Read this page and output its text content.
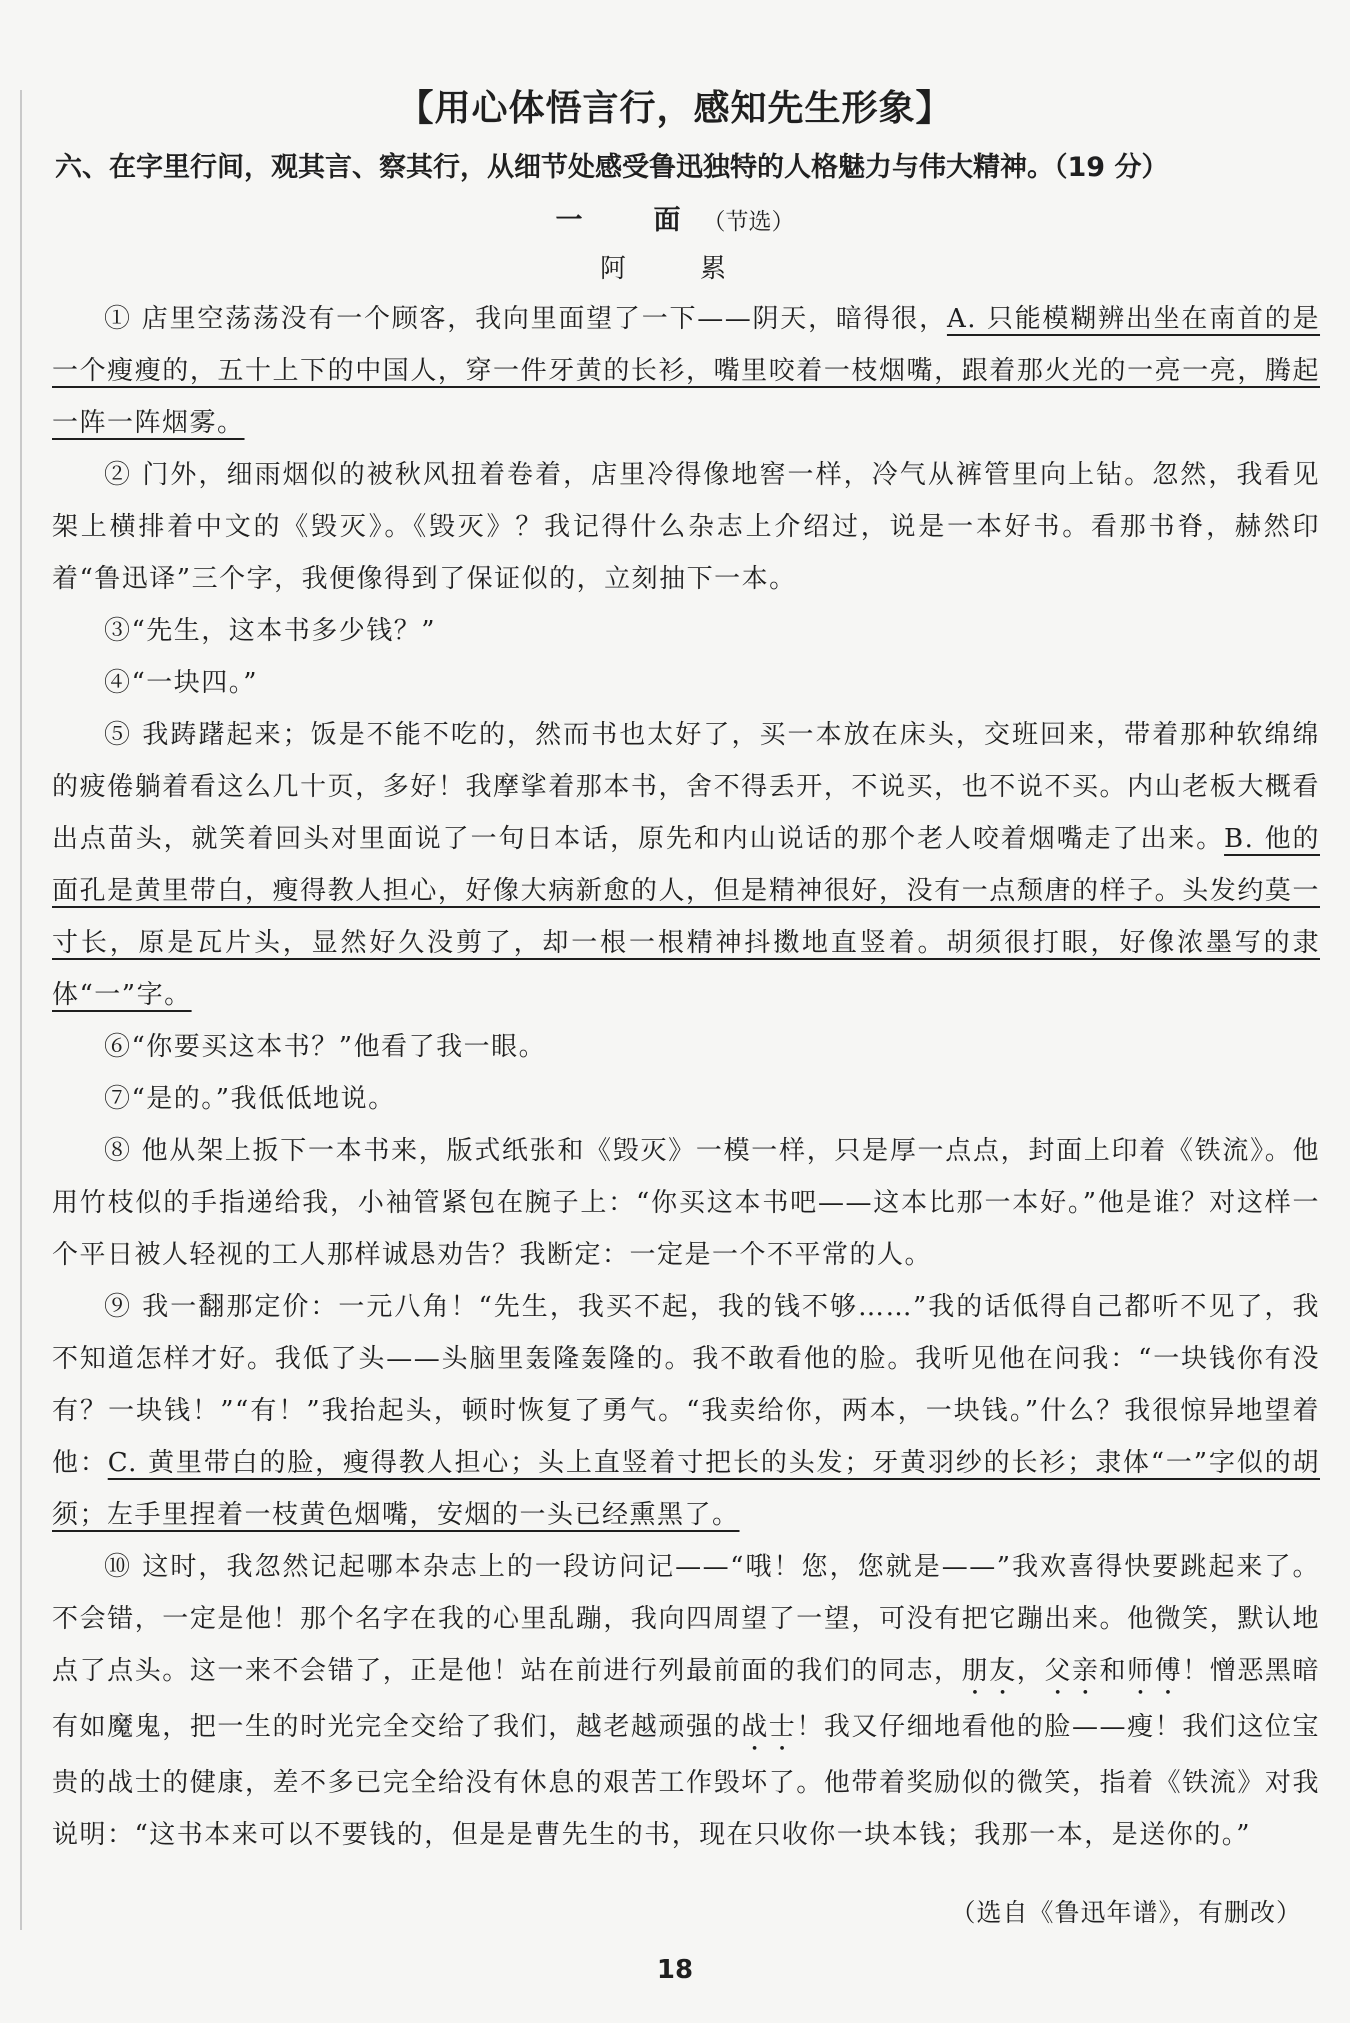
【用心体悟言行，感知先生形象】
六、在字里行间，观其言、察其行，从细节处感受鲁迅独特的人格魅力与伟大精神。（19 分）
一　面（节选）
阿　累

① 店里空荡荡没有一个顾客，我向里面望了一下——阴天，暗得很，A. 只能模糊辨出坐在南首的是一个瘦瘦的，五十上下的中国人，穿一件牙黄的长衫，嘴里咬着一枝烟嘴，跟着那火光的一亮一亮，腾起一阵一阵烟雾。

② 门外，细雨烟似的被秋风扭着卷着，店里冷得像地窖一样，冷气从裤管里向上钻。忽然，我看见架上横排着中文的《毁灭》。《毁灭》？我记得什么杂志上介绍过，说是一本好书。看那书脊，赫然印着“鲁迅译”三个字，我便像得到了保证似的，立刻抽下一本。

③“先生，这本书多少钱？”

④“一块四。”

⑤ 我踌躇起来；饭是不能不吃的，然而书也太好了，买一本放在床头，交班回来，带着那种软绵绵的疲倦躺着看这么几十页，多好！我摩挲着那本书，舍不得丢开，不说买，也不说不买。内山老板大概看出点苗头，就笑着回头对里面说了一句日本话，原先和内山说话的那个老人咬着烟嘴走了出来。B. 他的面孔是黄里带白，瘦得教人担心，好像大病新愈的人，但是精神很好，没有一点颓唐的样子。头发约莫一寸长，原是瓦片头，显然好久没剪了，却一根一根精神抖擞地直竖着。胡须很打眼，好像浓墨写的隶体“一”字。

⑥“你要买这本书？”他看了我一眼。

⑦“是的。”我低低地说。

⑧ 他从架上扳下一本书来，版式纸张和《毁灭》一模一样，只是厚一点点，封面上印着《铁流》。他用竹枝似的手指递给我，小袖管紧包在腕子上：“你买这本书吧——这本比那一本好。”他是谁？对这样一个平日被人轻视的工人那样诚恳劝告？我断定：一定是一个不平常的人。

⑨ 我一翻那定价：一元八角！“先生，我买不起，我的钱不够……”我的话低得自己都听不见了，我不知道怎样才好。我低了头——头脑里轰隆轰隆的。我不敢看他的脸。我听见他在问我：“一块钱你有没有？一块钱！”“有！”我抬起头，顿时恢复了勇气。“我卖给你，两本，一块钱。”什么？我很惊异地望着他：C. 黄里带白的脸，瘦得教人担心；头上直竖着寸把长的头发；牙黄羽纱的长衫；隶体“一”字似的胡须；左手里捏着一枝黄色烟嘴，安烟的一头已经熏黑了。

⑩ 这时，我忽然记起哪本杂志上的一段访问记——“哦！您，您就是——”我欢喜得快要跳起来了。不会错，一定是他！那个名字在我的心里乱蹦，我向四周望了一望，可没有把它蹦出来。他微笑，默认地点了点头。这一来不会错了，正是他！站在前进行列最前面的我们的同志，朋友，父亲和师傅！憎恶黑暗有如魔鬼，把一生的时光完全交给了我们，越老越顽强的战士！我又仔细地看他的脸——瘦！我们这位宝贵的战士的健康，差不多已完全给没有休息的艰苦工作毁坏了。他带着奖励似的微笑，指着《铁流》对我说明：“这书本来可以不要钱的，但是是曹先生的书，现在只收你一块本钱；我那一本，是送你的。”

（选自《鲁迅年谱》，有删改）
18
